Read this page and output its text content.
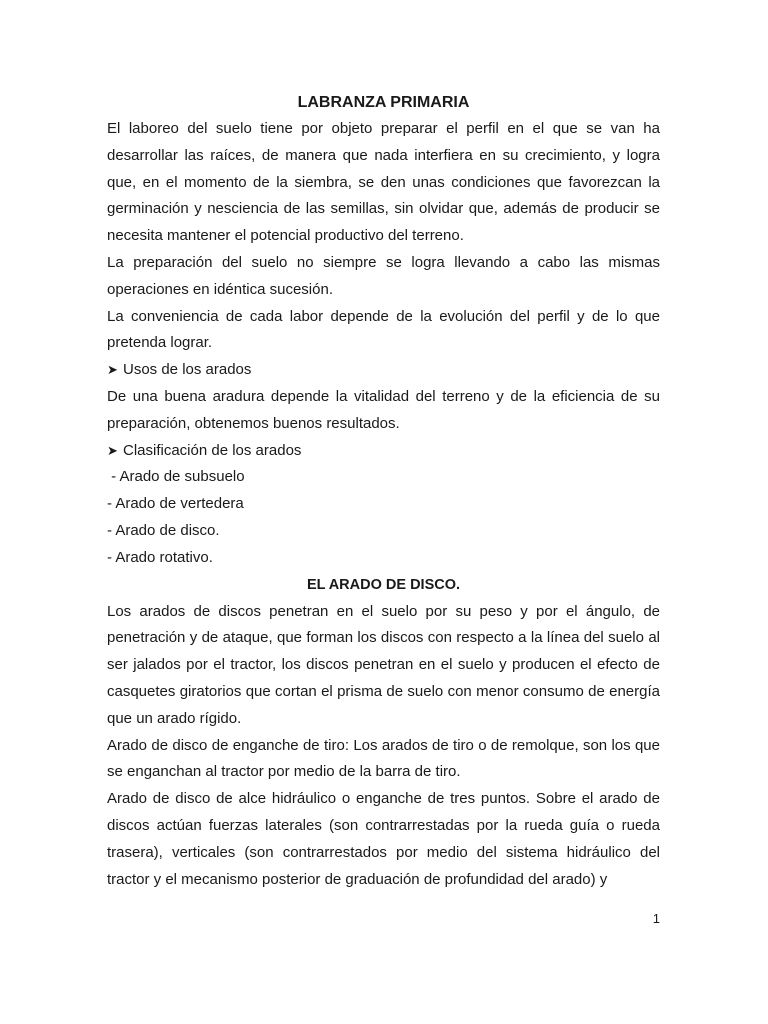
LABRANZA PRIMARIA

El laboreo del suelo tiene por objeto preparar el perfil en el que se van ha desarrollar las raíces, de manera que nada interfiera en su crecimiento, y logra que, en el momento de la siembra, se den unas condiciones que favorezcan la germinación y nesciencia de las semillas, sin olvidar que, además de producir se necesita mantener el potencial productivo del terreno.

La preparación del suelo no siempre se logra llevando a cabo las mismas operaciones en idéntica sucesión.

La conveniencia de cada labor depende de la evolución del perfil y de lo que pretenda lograr.

➤ Usos de los arados

De una buena aradura depende la vitalidad del terreno y de la eficiencia de su preparación, obtenemos buenos resultados.

➤ Clasificación de los arados

- Arado de subsuelo

- Arado de vertedera

- Arado de disco.

- Arado rotativo.

EL ARADO DE DISCO.

Los arados de discos penetran en el suelo por su peso y por el ángulo, de penetración y de ataque, que forman los discos con respecto a la línea del suelo al ser jalados por el tractor, los discos penetran en el suelo y producen el efecto de casquetes giratorios que cortan el prisma de suelo con menor consumo de energía que un arado rígido.

Arado de disco de enganche de tiro: Los arados de tiro o de remolque, son los que se enganchan al tractor por medio de la barra de tiro.

Arado de disco de alce hidráulico o enganche de tres puntos. Sobre el arado de discos actúan fuerzas laterales (son contrarrestadas por la rueda guía o rueda trasera), verticales (son contrarrestados por medio del sistema hidráulico del tractor y el mecanismo posterior de graduación de profundidad del arado) y

1
